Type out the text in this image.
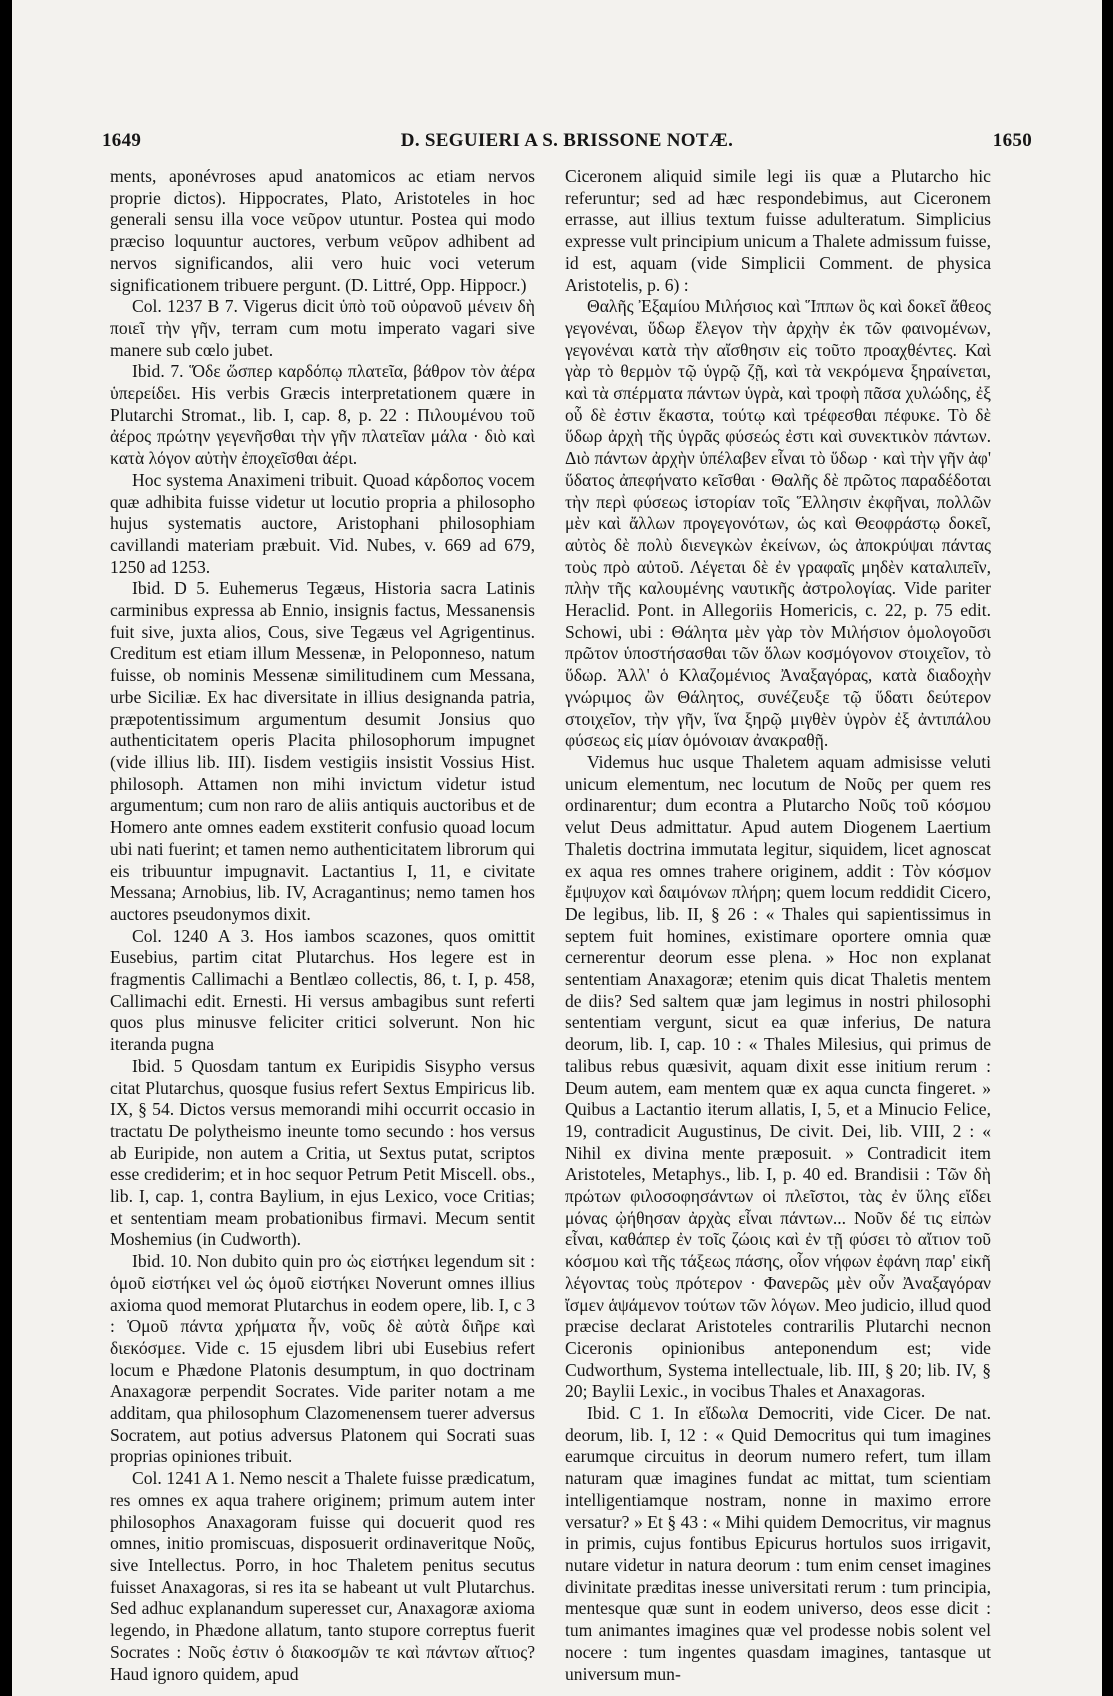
1649	D. SEGUIERI A S. BRISSONE NOTÆ.	1650

ments, aponévroses apud anatomicos ac etiam nervos proprie dictos). Hippocrates, Plato, Aristoteles in hoc generali sensu illa voce νεῦρον utuntur. Postea qui modo præciso loquuntur auctores, verbum νεῦρον adhibent ad nervos significandos, alii vero huic voci veterum significationem tribuere pergunt. (D. Littré, Opp. Hippocr.)

Col. 1237 B 7. Vigerus dicit ὑπὸ τοῦ οὐρανοῦ μένειν δὴ ποιεῖ τὴν γῆν, terram cum motu imperato vagari sive manere sub cœlo jubet.

Ibid. 7. Ὅδε ὥσπερ καρδόπῳ πλατεῖα, βάθρον τὸν ἀέρα ὑπερείδει. His verbis Græcis interpretationem quære in Plutarchi Stromat., lib. I, cap. 8, p. 22 : Πιλουμένου τοῦ ἀέρος πρώτην γεγενῆσθαι τὴν γῆν πλατεῖαν μάλα · διὸ καὶ κατὰ λόγον αὐτὴν ἐποχεῖσθαι ἀέρι.

Hoc systema Anaximeni tribuit. Quoad κάρδοπος vocem quæ adhibita fuisse videtur ut locutio propria a philosopho hujus systematis auctore, Aristophani philosophiam cavillandi materiam præbuit. Vid. Nubes, v. 669 ad 679, 1250 ad 1253.

Ibid. D 5. Euhemerus Tegæus, Historia sacra Latinis carminibus expressa ab Ennio, insignis factus, Messanensis fuit sive, juxta alios, Cous, sive Tegæus vel Agrigentinus. Creditum est etiam illum Messenæ, in Peloponneso, natum fuisse, ob nominis Messenæ similitudinem cum Messana, urbe Siciliæ. Ex hac diversitate in illius designanda patria, præpotentissimum argumentum desumit Jonsius quo authenticitatem operis Placita philosophorum impugnet (vide illius lib. III). Iisdem vestigiis insistit Vossius Hist. philosoph. Attamen non mihi invictum videtur istud argumentum; cum non raro de aliis antiquis auctoribus et de Homero ante omnes eadem exstiterit confusio quoad locum ubi nati fuerint; et tamen nemo authenticitatem librorum qui eis tribuuntur impugnavit. Lactantius I, 11, e civitate Messana; Arnobius, lib. IV, Acragantinus; nemo tamen hos auctores pseudonymos dixit.

Col. 1240 A 3. Hos iambos scazones, quos omittit Eusebius, partim citat Plutarchus. Hos legere est in fragmentis Callimachi a Bentlæo collectis, 86, t. I, p. 458, Callimachi edit. Ernesti. Hi versus ambagibus sunt referti quos plus minusve feliciter critici solverunt. Non hic iteranda pugna

Ibid. 5 Quosdam tantum ex Euripidis Sisypho versus citat Plutarchus, quosque fusius refert Sextus Empiricus lib. IX, § 54. Dictos versus memorandi mihi occurrit occasio in tractatu De polytheismo ineunte tomo secundo : hos versus ab Euripide, non autem a Critia, ut Sextus putat, scriptos esse crediderim; et in hoc sequor Petrum Petit Miscell. obs., lib. I, cap. 1, contra Baylium, in ejus Lexico, voce Critias; et sententiam meam probationibus firmavi. Mecum sentit Moshemius (in Cudworth).

Ibid. 10. Non dubito quin pro ὡς εἰστήκει legendum sit : ὁμοῦ εἰστήκει vel ὡς ὁμοῦ εἰστήκει Noverunt omnes illius axioma quod memorat Plutarchus in eodem opere, lib. I, c 3 : Ὁμοῦ πάντα χρήματα ἦν, νοῦς δὲ αὐτὰ διῆρε καὶ διεκόσμεε. Vide c. 15 ejusdem libri ubi Eusebius refert locum e Phædone Platonis desumptum, in quo doctrinam Anaxagoræ perpendit Socrates. Vide pariter notam a me additam, qua philosophum Clazomenensem tuerer adversus Socratem, aut potius adversus Platonem qui Socrati suas proprias opiniones tribuit.

Col. 1241 A 1. Nemo nescit a Thalete fuisse prædicatum, res omnes ex aqua trahere originem; primum autem inter philosophos Anaxagoram fuisse qui docuerit quod res omnes, initio promiscuas, disposuerit ordinaveritque Νοῦς, sive Intellectus. Porro, in hoc Thaletem penitus secutus fuisset Anaxagoras, si res ita se habeant ut vult Plutarchus. Sed adhuc explanandum superesset cur, Anaxagoræ axioma legendo, in Phædone allatum, tanto stupore correptus fuerit Socrates : Νοῦς ἐστιν ὁ διακοσμῶν τε καὶ πάντων αἴτιος? Haud ignoro quidem, apud

Ciceronem aliquid simile legi iis quæ a Plutarcho hic referuntur; sed ad hæc respondebimus, aut Ciceronem errasse, aut illius textum fuisse adulteratum. Simplicius expresse vult principium unicum a Thalete admissum fuisse, id est, aquam (vide Simplicii Comment. de physica Aristotelis, p. 6) :

Θαλῆς Ἐξαμίου Μιλήσιος καὶ Ἵππων ὃς καὶ δοκεῖ ἄθεος γεγονέναι, ὕδωρ ἔλεγον τὴν ἀρχὴν ἐκ τῶν φαινομένων, γεγονέναι κατὰ τὴν αἴσθησιν εἰς τοῦτο προαχθέντες. Καὶ γὰρ τὸ θερμὸν τῷ ὑγρῷ ζῇ, καὶ τὰ νεκρόμενα ξηραίνεται, καὶ τὰ σπέρματα πάντων ὑγρὰ, καὶ τροφὴ πᾶσα χυλώδης, ἐξ οὗ δὲ ἐστιν ἕκαστα, τούτῳ καὶ τρέφεσθαι πέφυκε. Τὸ δὲ ὕδωρ ἀρχὴ τῆς ὑγρᾶς φύσεώς ἐστι καὶ συνεκτικὸν πάντων. Διὸ πάντων ἀρχὴν ὑπέλαβεν εἶναι τὸ ὕδωρ · καὶ τὴν γῆν ἀφ' ὕδατος ἀπεφήνατο κεῖσθαι · Θαλῆς δὲ πρῶτος παραδέδοται τὴν περὶ φύσεως ἱστορίαν τοῖς Ἕλλησιν ἐκφῆναι, πολλῶν μὲν καὶ ἄλλων προγεγονότων, ὡς καὶ Θεοφράστῳ δοκεῖ, αὐτὸς δὲ πολὺ διενεγκὼν ἐκείνων, ὡς ἀποκρύψαι πάντας τοὺς πρὸ αὐτοῦ. Λέγεται δὲ ἐν γραφαῖς μηδὲν καταλιπεῖν, πλὴν τῆς καλουμένης ναυτικῆς ἀστρολογίας. Vide pariter Heraclid. Pont. in Allegoriis Homericis, c. 22, p. 75 edit. Schowi, ubi : Θάλητα μὲν γὰρ τὸν Μιλήσιον ὁμολογοῦσι πρῶτον ὑποστήσασθαι τῶν ὅλων κοσμόγονον στοιχεῖον, τὸ ὕδωρ. Ἀλλ' ὁ Κλαζομένιος Ἀναξαγόρας, κατὰ διαδοχὴν γνώριμος ὢν Θάλητος, συνέζευξε τῷ ὕδατι δεύτερον στοιχεῖον, τὴν γῆν, ἵνα ξηρῷ μιγθὲν ὑγρὸν ἐξ ἀντιπάλου φύσεως εἰς μίαν ὁμόνοιαν ἀνακραθῇ.

Videmus huc usque Thaletem aquam admisisse veluti unicum elementum, nec locutum de Νοῦς per quem res ordinarentur; dum econtra a Plutarcho Νοῦς τοῦ κόσμου velut Deus admittatur. Apud autem Diogenem Laertium Thaletis doctrina immutata legitur, siquidem, licet agnoscat ex aqua res omnes trahere originem, addit : Τὸν κόσμον ἔμψυχον καὶ δαιμόνων πλήρη; quem locum reddidit Cicero, De legibus, lib. II, § 26 : « Thales qui sapientissimus in septem fuit homines, existimare oportere omnia quæ cernerentur deorum esse plena. » Hoc non explanat sententiam Anaxagoræ; etenim quis dicat Thaletis mentem de diis? Sed saltem quæ jam legimus in nostri philosophi sententiam vergunt, sicut ea quæ inferius, De natura deorum, lib. I, cap. 10 : « Thales Milesius, qui primus de talibus rebus quæsivit, aquam dixit esse initium rerum : Deum autem, eam mentem quæ ex aqua cuncta fingeret. » Quibus a Lactantio iterum allatis, I, 5, et a Minucio Felice, 19, contradicit Augustinus, De civit. Dei, lib. VIII, 2 : « Nihil ex divina mente præposuit. » Contradicit item Aristoteles, Metaphys., lib. I, p. 40 ed. Brandisii : Τῶν δὴ πρώτων φιλοσοφησάντων οἱ πλεῖστοι, τὰς ἐν ὕλης εἴδει μόνας ᾠήθησαν ἀρχὰς εἶναι πάντων... Νοῦν δέ τις εἰπὼν εἶναι, καθάπερ ἐν τοῖς ζώοις καὶ ἐν τῇ φύσει τὸ αἴτιον τοῦ κόσμου καὶ τῆς τάξεως πάσης, οἷον νήφων ἐφάνη παρ' εἰκῆ λέγοντας τοὺς πρότερον · Φανερῶς μὲν οὖν Ἀναξαγόραν ἴσμεν ἁψάμενον τούτων τῶν λόγων. Meo judicio, illud quod præcise declarat Aristoteles contrarilis Plutarchi necnon Ciceronis opinionibus anteponendum est; vide Cudworthum, Systema intellectuale, lib. III, § 20; lib. IV, § 20; Baylii Lexic., in vocibus Thales et Anaxagoras.

Ibid. C 1. In εἴδωλα Democriti, vide Cicer. De nat. deorum, lib. I, 12 : « Quid Democritus qui tum imagines earumque circuitus in deorum numero refert, tum illam naturam quæ imagines fundat ac mittat, tum scientiam intelligentiamque nostram, nonne in maximo errore versatur? » Et § 43 : « Mihi quidem Democritus, vir magnus in primis, cujus fontibus Epicurus hortulos suos irrigavit, nutare videtur in natura deorum : tum enim censet imagines divinitate præditas inesse universitati rerum : tum principia, mentesque quæ sunt in eodem universo, deos esse dicit : tum animantes imagines quæ vel prodesse nobis solent vel nocere : tum ingentes quasdam imagines, tantasque ut universum mun-
